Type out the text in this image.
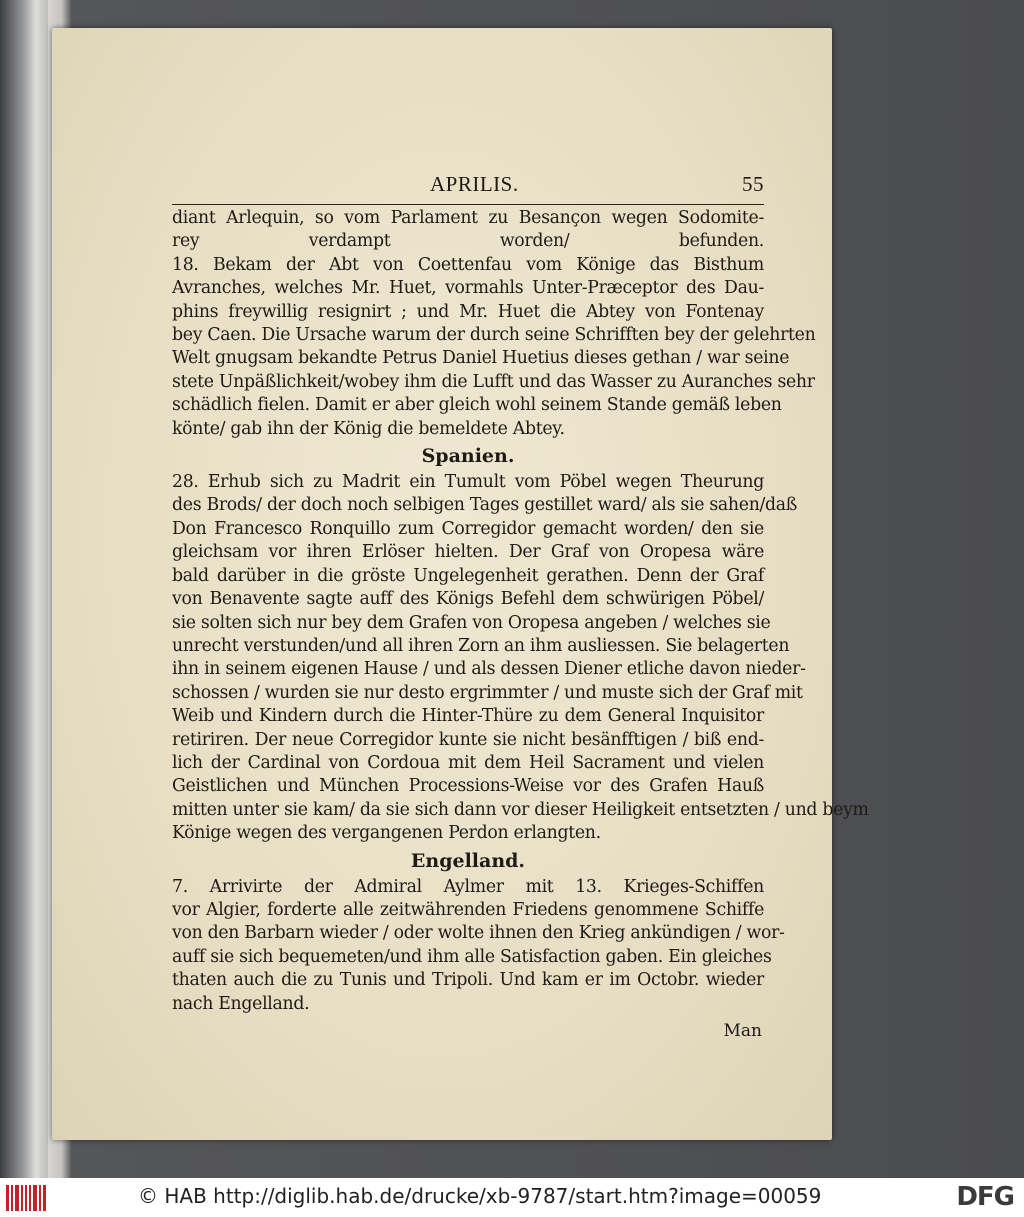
APRILIS.	55
diant Arlequin, so vom Parlament zu Besançon wegen Sodomite-
rey verdampt worden/ befunden.
18. Bekam der Abt von Coettenfau vom Könige das Bisthum
Avranches, welches Mr. Huet, vormahls Unter-Præceptor des Dau-
phins freywillig resignirt ; und Mr. Huet die Abtey von Fontenay
bey Caen. Die Ursache warum der durch seine Schrifften bey der gelehrten
Welt gnugsam bekandte Petrus Daniel Huetius dieses gethan / war seine
stete Unpäßlichkeit/wobey ihm die Lufft und das Wasser zu Auranches sehr
schädlich fielen. Damit er aber gleich wohl seinem Stande gemäß leben
könte/ gab ihn der König die bemeldete Abtey.
Spanien.
28. Erhub sich zu Madrit ein Tumult vom Pöbel wegen Theurung
des Brods/ der doch noch selbigen Tages gestillet ward/ als sie sahen/daß
Don Francesco Ronquillo zum Corregidor gemacht worden/ den sie
gleichsam vor ihren Erlöser hielten. Der Graf von Oropesa wäre
bald darüber in die gröste Ungelegenheit gerathen. Denn der Graf
von Benavente sagte auff des Königs Befehl dem schwürigen Pöbel/
sie solten sich nur bey dem Grafen von Oropesa angeben / welches sie
unrecht verstunden/und all ihren Zorn an ihm ausliessen. Sie belagerten
ihn in seinem eigenen Hause / und als dessen Diener etliche davon nieder-
schossen / wurden sie nur desto ergrimmter / und muste sich der Graf mit
Weib und Kindern durch die Hinter-Thüre zu dem General Inquisitor
retiriren. Der neue Corregidor kunte sie nicht besänfftigen / biß end-
lich der Cardinal von Cordoua mit dem Heil Sacrament und vielen
Geistlichen und München Processions-Weise vor des Grafen Hauß
mitten unter sie kam/ da sie sich dann vor dieser Heiligkeit entsetzten / und beym
Könige wegen des vergangenen Perdon erlangten.
Engelland.
7. Arrivirte der Admiral Aylmer mit 13. Krieges-Schiffen
vor Algier, forderte alle zeitwährenden Friedens genommene Schiffe
von den Barbarn wieder / oder wolte ihnen den Krieg ankündigen / wor-
auff sie sich bequemeten/und ihm alle Satisfaction gaben. Ein gleiches
thaten auch die zu Tunis und Tripoli. Und kam er im Octobr. wieder
nach Engelland.
Man
© HAB http://diglib.hab.de/drucke/xb-9787/start.htm?image=00059	DFG
